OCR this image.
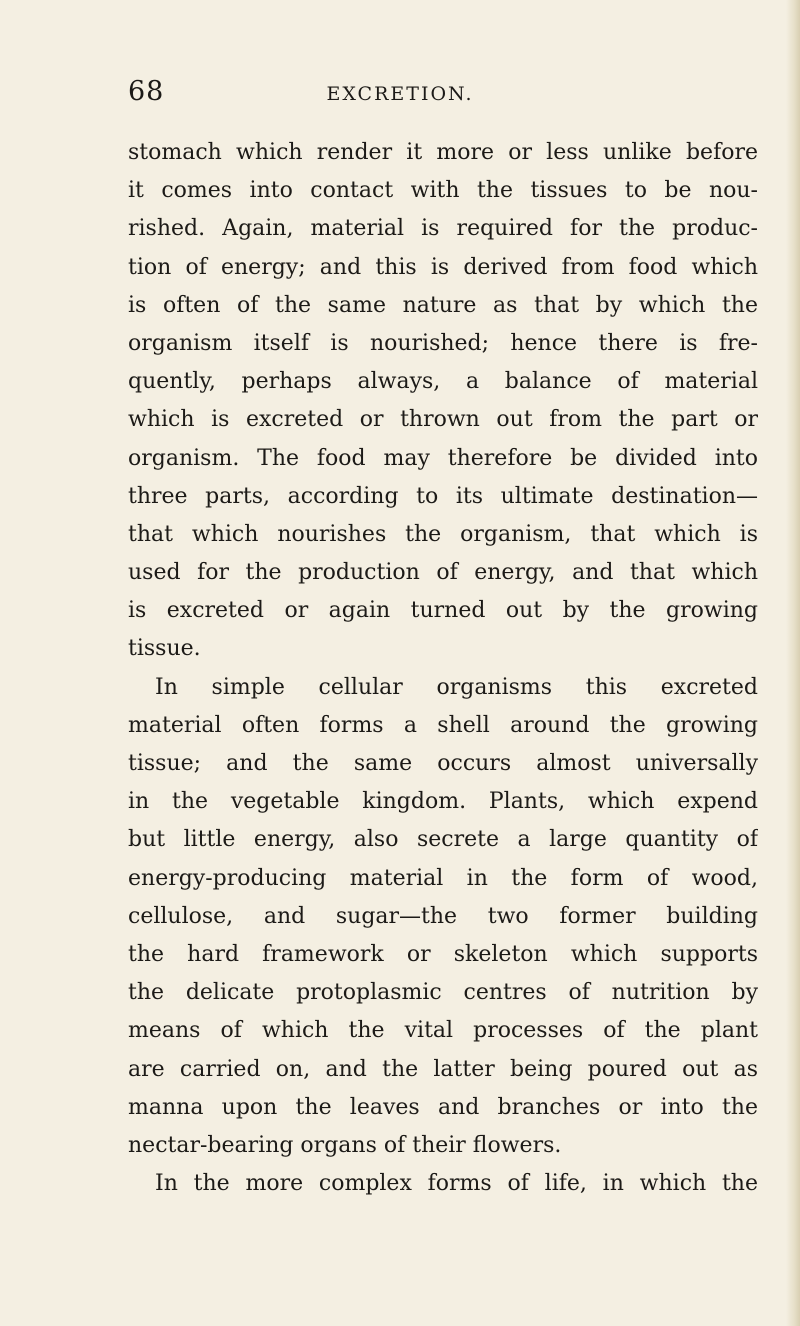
68	EXCRETION.
stomach which render it more or less unlike before
it comes into contact with the tissues to be nou-
rished. Again, material is required for the produc-
tion of energy; and this is derived from food which
is often of the same nature as that by which the
organism itself is nourished; hence there is fre-
quently, perhaps always, a balance of material
which is excreted or thrown out from the part or
organism. The food may therefore be divided into
three parts, according to its ultimate destination—
that which nourishes the organism, that which is
used for the production of energy, and that which
is excreted or again turned out by the growing
tissue.
In simple cellular organisms this excreted
material often forms a shell around the growing
tissue; and the same occurs almost universally
in the vegetable kingdom. Plants, which expend
but little energy, also secrete a large quantity of
energy-producing material in the form of wood,
cellulose, and sugar—the two former building
the hard framework or skeleton which supports
the delicate protoplasmic centres of nutrition by
means of which the vital processes of the plant
are carried on, and the latter being poured out as
manna upon the leaves and branches or into the
nectar-bearing organs of their flowers.
In the more complex forms of life, in which the
